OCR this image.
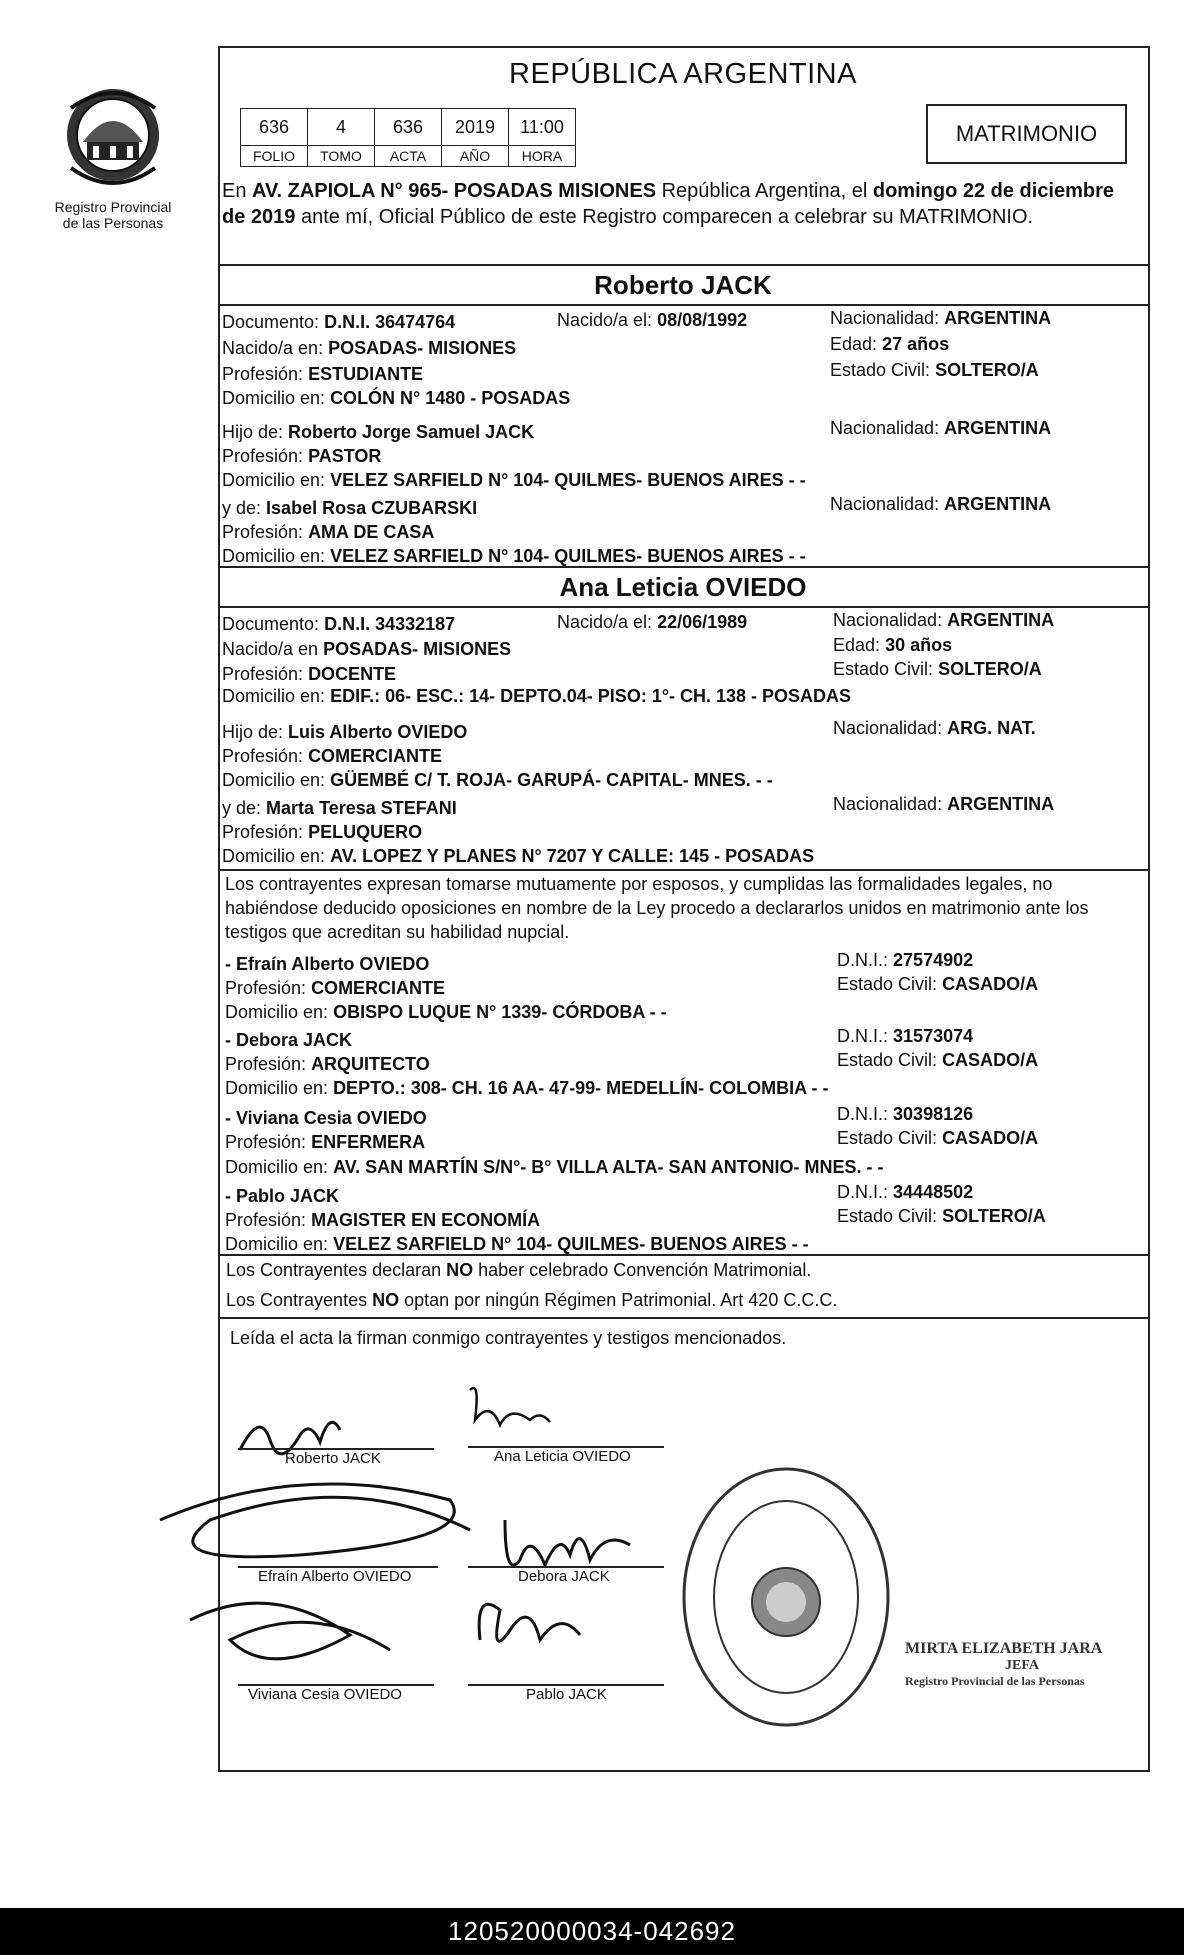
Registro Provincial
de las Personas
REPÚBLICA ARGENTINA
636	4	636	2019	11:00
FOLIO	TOMO	ACTA	AÑO	HORA
MATRIMONIO
En AV. ZAPIOLA N° 965- POSADAS MISIONES República Argentina, el domingo 22 de diciembre de 2019 ante mí, Oficial Público de este Registro comparecen a celebrar su MATRIMONIO.
Roberto JACK
Documento: D.N.I. 36474764	Nacido/a el: 08/08/1992	Nacionalidad: ARGENTINA
Nacido/a en: POSADAS- MISIONES	Edad: 27 años
Profesión: ESTUDIANTE	Estado Civil: SOLTERO/A
Domicilio en: COLÓN N° 1480 - POSADAS
Hijo de: Roberto Jorge Samuel JACK	Nacionalidad: ARGENTINA
Profesión: PASTOR
Domicilio en: VELEZ SARFIELD N° 104- QUILMES- BUENOS AIRES - -
y de: Isabel Rosa CZUBARSKI	Nacionalidad: ARGENTINA
Profesión: AMA DE CASA
Domicilio en: VELEZ SARFIELD N° 104- QUILMES- BUENOS AIRES - -
Ana Leticia OVIEDO
Documento: D.N.I. 34332187	Nacido/a el: 22/06/1989	Nacionalidad: ARGENTINA
Nacido/a en POSADAS- MISIONES	Edad: 30 años
Profesión: DOCENTE	Estado Civil: SOLTERO/A
Domicilio en: EDIF.: 06- ESC.: 14- DEPTO.04- PISO: 1°- CH. 138 - POSADAS
Hijo de: Luis Alberto OVIEDO	Nacionalidad: ARG. NAT.
Profesión: COMERCIANTE
Domicilio en: GÜEMBÉ C/ T. ROJA- GARUPÁ- CAPITAL- MNES. - -
y de: Marta Teresa STEFANI	Nacionalidad: ARGENTINA
Profesión: PELUQUERO
Domicilio en: AV. LOPEZ Y PLANES N° 7207 Y CALLE: 145 - POSADAS
Los contrayentes expresan tomarse mutuamente por esposos, y cumplidas las formalidades legales, no habiéndose deducido oposiciones en nombre de la Ley procedo a declararlos unidos en matrimonio ante los testigos que acreditan su habilidad nupcial.
- Efraín Alberto OVIEDO	D.N.I.: 27574902
Profesión: COMERCIANTE	Estado Civil: CASADO/A
Domicilio en: OBISPO LUQUE N° 1339- CÓRDOBA - -
- Debora JACK	D.N.I.: 31573074
Profesión: ARQUITECTO	Estado Civil: CASADO/A
Domicilio en: DEPTO.: 308- CH. 16 AA- 47-99- MEDELLÍN- COLOMBIA - -
- Viviana Cesia OVIEDO	D.N.I.: 30398126
Profesión: ENFERMERA	Estado Civil: CASADO/A
Domicilio en: AV. SAN MARTÍN S/N°- B° VILLA ALTA- SAN ANTONIO- MNES. - -
- Pablo JACK	D.N.I.: 34448502
Profesión: MAGISTER EN ECONOMÍA	Estado Civil: SOLTERO/A
Domicilio en: VELEZ SARFIELD N° 104- QUILMES- BUENOS AIRES - -
Los Contrayentes declaran NO haber celebrado Convención Matrimonial.
Los Contrayentes NO optan por ningún Régimen Patrimonial. Art 420 C.C.C.
Leída el acta la firman conmigo contrayentes y testigos mencionados.
Roberto JACK	Ana Leticia OVIEDO
Efraín Alberto OVIEDO	Debora JACK
Viviana Cesia OVIEDO	Pablo JACK
MIRTA ELIZABETH JARA
JEFA
Registro Provincial de las Personas
120520000034-042692
